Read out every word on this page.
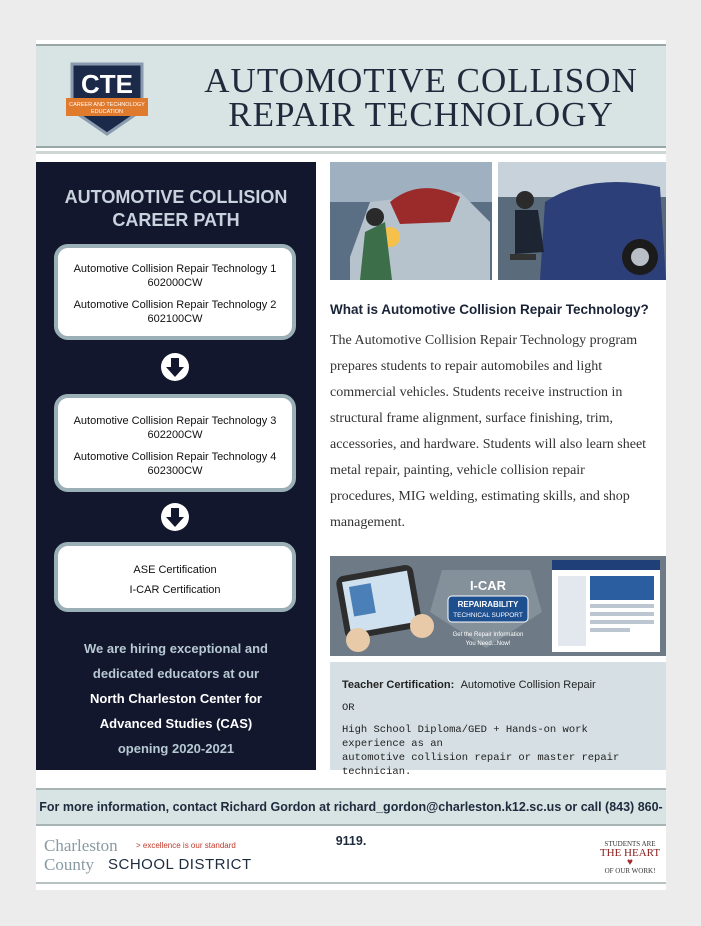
CTE
CAREER AND TECHNOLOGY
EDUCATION
AUTOMOTIVE COLLISON
REPAIR TECHNOLOGY
AUTOMOTIVE COLLISION
CAREER PATH
Automotive Collision Repair Technology 1
602000CW
Automotive Collision Repair Technology 2
602100CW
Automotive Collision Repair Technology 3
602200CW
Automotive Collision Repair Technology 4
602300CW
ASE Certification
I-CAR Certification
We are hiring exceptional and
dedicated educators at our
North Charleston Center for
Advanced Studies (CAS)
opening 2020-2021
What is Automotive Collision Repair Technology?
The Automotive Collision Repair Technology program prepares students to repair automobiles and light commercial vehicles. Students receive instruction in structural frame alignment, surface finishing, trim, accessories, and hardware. Students will also learn sheet metal repair, painting, vehicle collision repair procedures, MIG welding, estimating skills, and shop management.
I-CAR
REPAIRABILITY
TECHNICAL SUPPORT
Get the Repair Information
You Need...Now!
Teacher Certification: Automotive Collision Repair
OR
High School Diploma/GED + Hands-on work experience as an
automotive collision repair or master repair technician.
For more information, contact Richard Gordon at richard_gordon@charleston.k12.sc.us or call (843) 860-9119.
Charleston > excellence is our standard
County SCHOOL DISTRICT
STUDENTS ARE
THE HEART
♥
OF OUR WORK!
